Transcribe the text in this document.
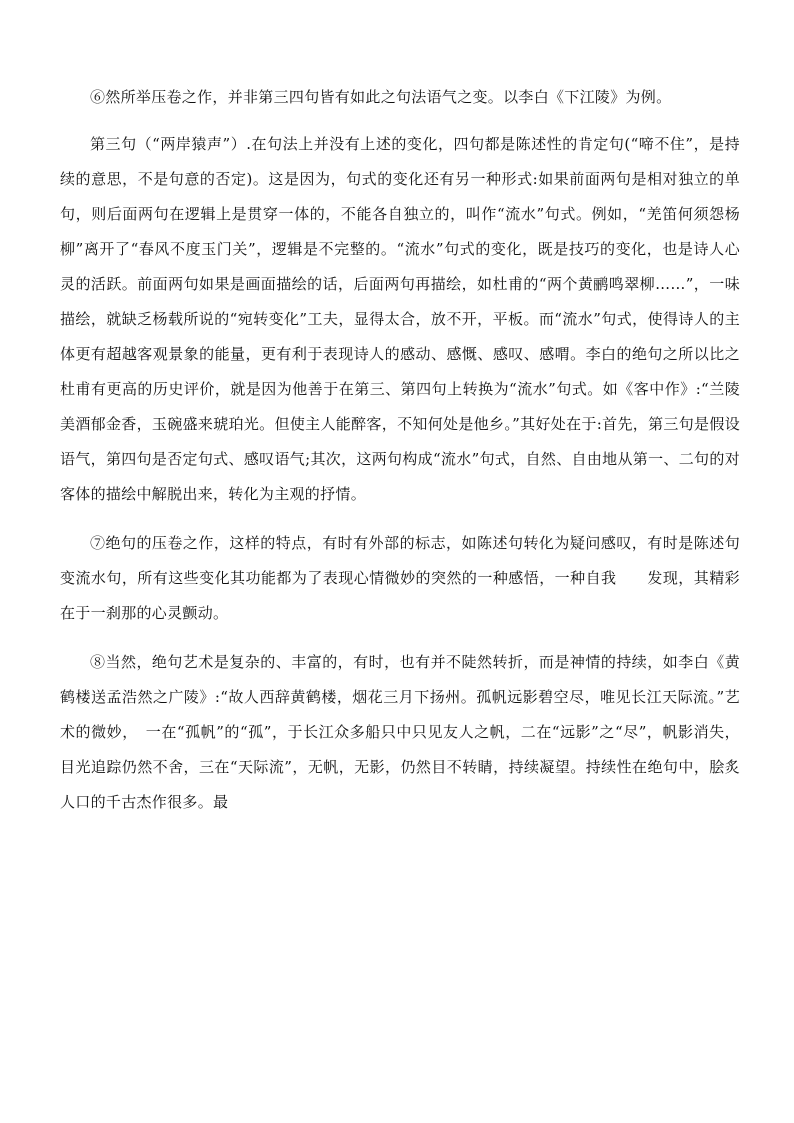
⑥然所举压卷之作，并非第三四句皆有如此之句法语气之变。以李白《下江陵》为例。

第三句（“两岸猿声”）.在句法上并没有上述的变化，四句都是陈述性的肯定句(“啼不住”，是持续的意思，不是句意的否定)。这是因为，句式的变化还有另一种形式:如果前面两句是相对独立的单句，则后面两句在逻辑上是贯穿一体的，不能各自独立的，叫作“流水”句式。例如，“羌笛何须怨杨柳”离开了“春风不度玉门关”，逻辑是不完整的。“流水”句式的变化，既是技巧的变化，也是诗人心灵的活跃。前面两句如果是画面描绘的话，后面两句再描绘，如杜甫的“两个黄鹂鸣翠柳……”，一味描绘，就缺乏杨载所说的“宛转变化”工夫，显得太合，放不开，平板。而“流水”句式，使得诗人的主体更有超越客观景象的能量，更有利于表现诗人的感动、感慨、感叹、感喟。李白的绝句之所以比之杜甫有更高的历史评价，就是因为他善于在第三、第四句上转换为“流水”句式。如《客中作》:“兰陵美酒郁金香，玉碗盛来琥珀光。但使主人能醉客，不知何处是他乡。”其好处在于:首先，第三句是假设语气，第四句是否定句式、感叹语气;其次，这两句构成“流水”句式，自然、自由地从第一、二句的对客体的描绘中解脱出来，转化为主观的抒情。

⑦绝句的压卷之作，这样的特点，有时有外部的标志，如陈述句转化为疑问感叹，有时是陈述句变流水句，所有这些变化其功能都为了表现心情微妙的突然的一种感悟，一种自我　　发现，其精彩在于一刹那的心灵颤动。

⑧当然，绝句艺术是复杂的、丰富的，有时，也有并不陡然转折，而是神情的持续，如李白《黄鹤楼送孟浩然之广陵》:“故人西辞黄鹤楼，烟花三月下扬州。孤帆远影碧空尽，唯见长江天际流。”艺术的微妙，　一在“孤帆”的“孤”，于长江众多船只中只见友人之帆，二在“远影”之“尽”，帆影消失，目光追踪仍然不舍，三在“天际流”，无帆，无影，仍然目不转睛，持续凝望。持续性在绝句中，脍炙人口的千古杰作很多。最
